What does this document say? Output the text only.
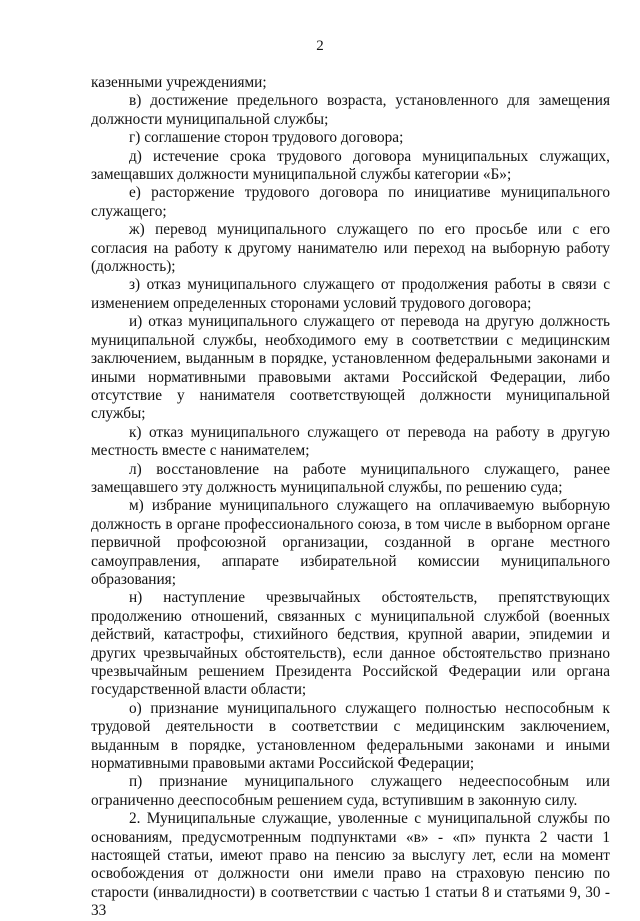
2

казенными учреждениями;

в) достижение предельного возраста, установленного для замещения должности муниципальной службы;

г) соглашение сторон трудового договора;

д) истечение срока трудового договора муниципальных служащих, замещавших должности муниципальной службы категории «Б»;

е) расторжение трудового договора по инициативе муниципального служащего;

ж) перевод муниципального служащего по его просьбе или с его согласия на работу к другому нанимателю или переход на выборную работу (должность);

з) отказ муниципального служащего от продолжения работы в связи с изменением определенных сторонами условий трудового договора;

и) отказ муниципального служащего от перевода на другую должность муниципальной службы, необходимого ему в соответствии с медицинским заключением, выданным в порядке, установленном федеральными законами и иными нормативными правовыми актами Российской Федерации, либо отсутствие у нанимателя соответствующей должности муниципальной службы;

к) отказ муниципального служащего от перевода на работу в другую местность вместе с нанимателем;

л) восстановление на работе муниципального служащего, ранее замещавшего эту должность муниципальной службы, по решению суда;

м) избрание муниципального служащего на оплачиваемую выборную должность в органе профессионального союза, в том числе в выборном органе первичной профсоюзной организации, созданной в органе местного самоуправления, аппарате избирательной комиссии муниципального образования;

н) наступление чрезвычайных обстоятельств, препятствующих продолжению отношений, связанных с муниципальной службой (военных действий, катастрофы, стихийного бедствия, крупной аварии, эпидемии и других чрезвычайных обстоятельств), если данное обстоятельство признано чрезвычайным решением Президента Российской Федерации или органа государственной власти области;

о) признание муниципального служащего полностью неспособным к трудовой деятельности в соответствии с медицинским заключением, выданным в порядке, установленном федеральными законами и иными нормативными правовыми актами Российской Федерации;

п) признание муниципального служащего недееспособным или ограниченно дееспособным решением суда, вступившим в законную силу.

2. Муниципальные служащие, уволенные с муниципальной службы по основаниям, предусмотренным подпунктами «в» - «п» пункта 2 части 1 настоящей статьи, имеют право на пенсию за выслугу лет, если на момент освобождения от должности они имели право на страховую пенсию по старости (инвалидности) в соответствии с частью 1 статьи 8 и статьями 9, 30 - 33
